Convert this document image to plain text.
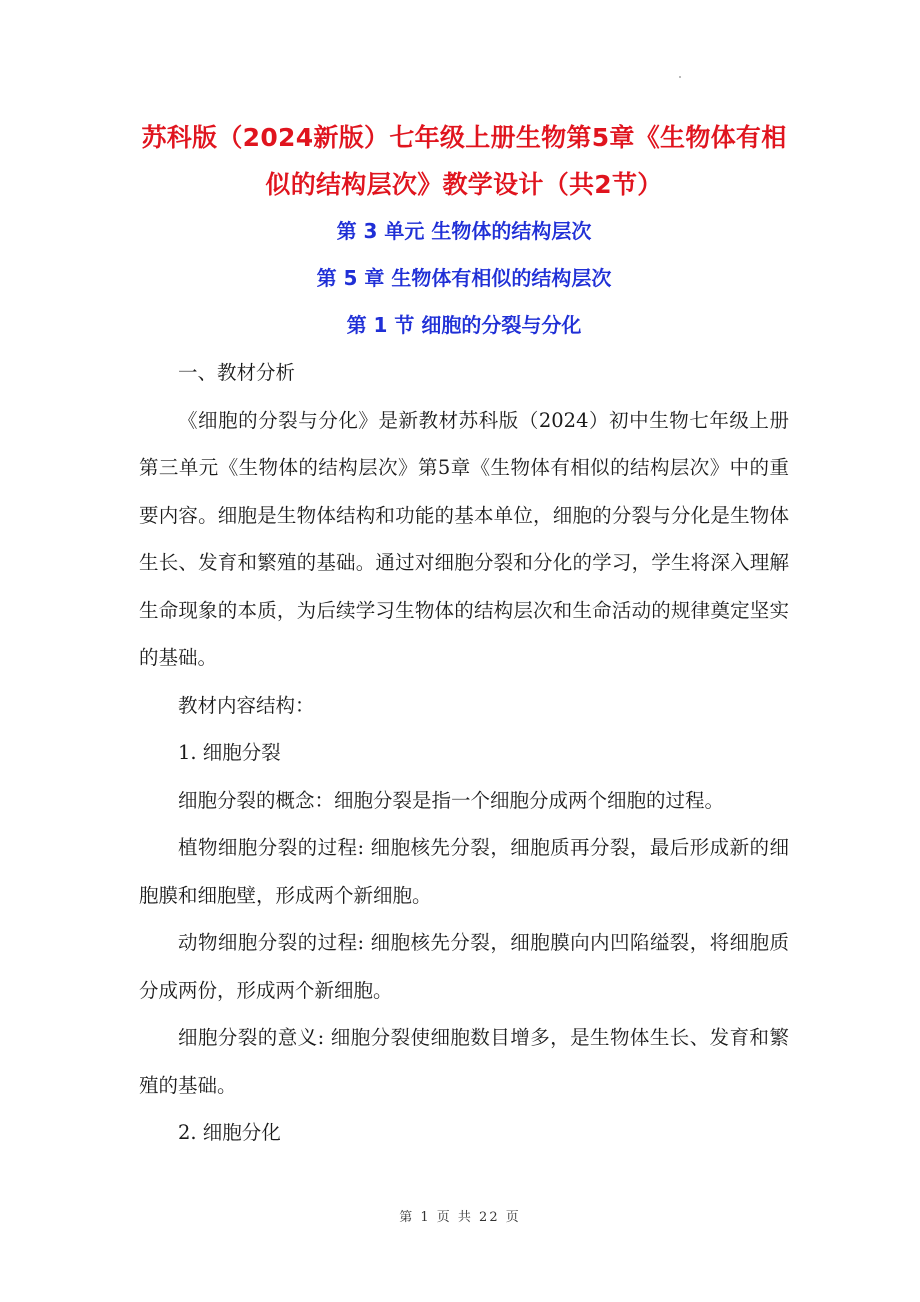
苏科版（2024新版）七年级上册生物第5章《生物体有相

似的结构层次》教学设计（共2节）

第 3 单元 生物体的结构层次

第 5 章 生物体有相似的结构层次

第 1 节 细胞的分裂与分化

一、教材分析

《细胞的分裂与分化》是新教材苏科版（2024）初中生物七年级上册第三单元《生物体的结构层次》第5章《生物体有相似的结构层次》中的重要内容。细胞是生物体结构和功能的基本单位，细胞的分裂与分化是生物体生长、发育和繁殖的基础。通过对细胞分裂和分化的学习，学生将深入理解生命现象的本质，为后续学习生物体的结构层次和生命活动的规律奠定坚实的基础。

教材内容结构：

1. 细胞分裂

细胞分裂的概念：细胞分裂是指一个细胞分成两个细胞的过程。

植物细胞分裂的过程: 细胞核先分裂，细胞质再分裂，最后形成新的细胞膜和细胞壁，形成两个新细胞。

动物细胞分裂的过程: 细胞核先分裂，细胞膜向内凹陷缢裂，将细胞质分成两份，形成两个新细胞。

细胞分裂的意义: 细胞分裂使细胞数目增多，是生物体生长、发育和繁殖的基础。

2. 细胞分化

第 1 页 共 22 页
